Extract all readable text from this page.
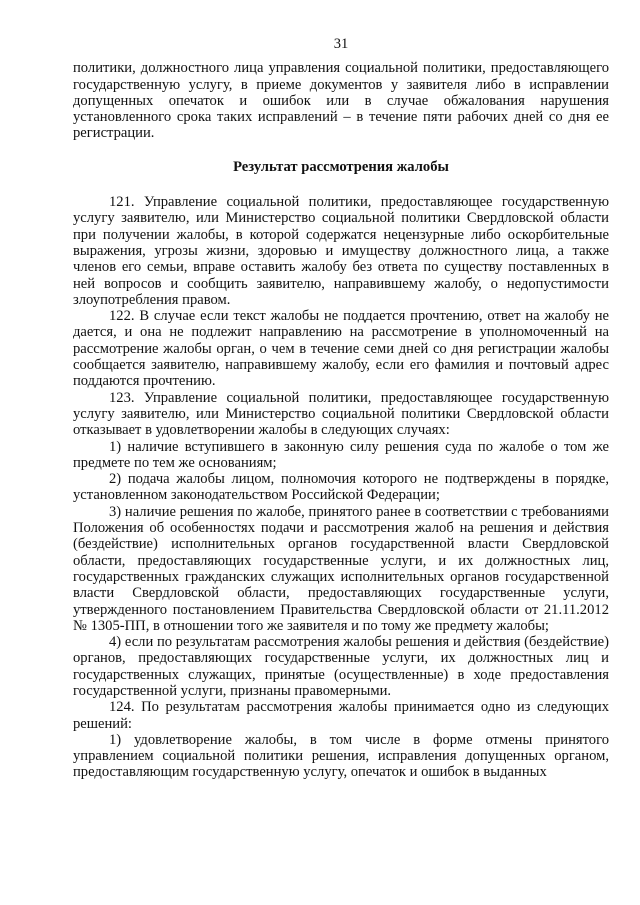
31

политики, должностного лица управления социальной политики, предоставляющего государственную услугу, в приеме документов у заявителя либо в исправлении допущенных опечаток и ошибок или в случае обжалования нарушения установленного срока таких исправлений – в течение пяти рабочих дней со дня ее регистрации.

Результат рассмотрения жалобы

121. Управление социальной политики, предоставляющее государственную услугу заявителю, или Министерство социальной политики Свердловской области при получении жалобы, в которой содержатся нецензурные либо оскорбительные выражения, угрозы жизни, здоровью и имуществу должностного лица, а также членов его семьи, вправе оставить жалобу без ответа по существу поставленных в ней вопросов и сообщить заявителю, направившему жалобу, о недопустимости злоупотребления правом.

122. В случае если текст жалобы не поддается прочтению, ответ на жалобу не дается, и она не подлежит направлению на рассмотрение в уполномоченный на рассмотрение жалобы орган, о чем в течение семи дней со дня регистрации жалобы сообщается заявителю, направившему жалобу, если его фамилия и почтовый адрес поддаются прочтению.

123. Управление социальной политики, предоставляющее государственную услугу заявителю, или Министерство социальной политики Свердловской области отказывает в удовлетворении жалобы в следующих случаях:

1) наличие вступившего в законную силу решения суда по жалобе о том же предмете по тем же основаниям;

2) подача жалобы лицом, полномочия которого не подтверждены в порядке, установленном законодательством Российской Федерации;

3) наличие решения по жалобе, принятого ранее в соответствии с требованиями Положения об особенностях подачи и рассмотрения жалоб на решения и действия (бездействие) исполнительных органов государственной власти Свердловской области, предоставляющих государственные услуги, и их должностных лиц, государственных гражданских служащих исполнительных органов государственной власти Свердловской области, предоставляющих государственные услуги, утвержденного постановлением Правительства Свердловской области от 21.11.2012 № 1305-ПП, в отношении того же заявителя и по тому же предмету жалобы;

4) если по результатам рассмотрения жалобы решения и действия (бездействие) органов, предоставляющих государственные услуги, их должностных лиц и государственных служащих, принятые (осуществленные) в ходе предоставления государственной услуги, признаны правомерными.

124. По результатам рассмотрения жалобы принимается одно из следующих решений:

1) удовлетворение жалобы, в том числе в форме отмены принятого управлением социальной политики решения, исправления допущенных органом, предоставляющим государственную услугу, опечаток и ошибок в выданных
